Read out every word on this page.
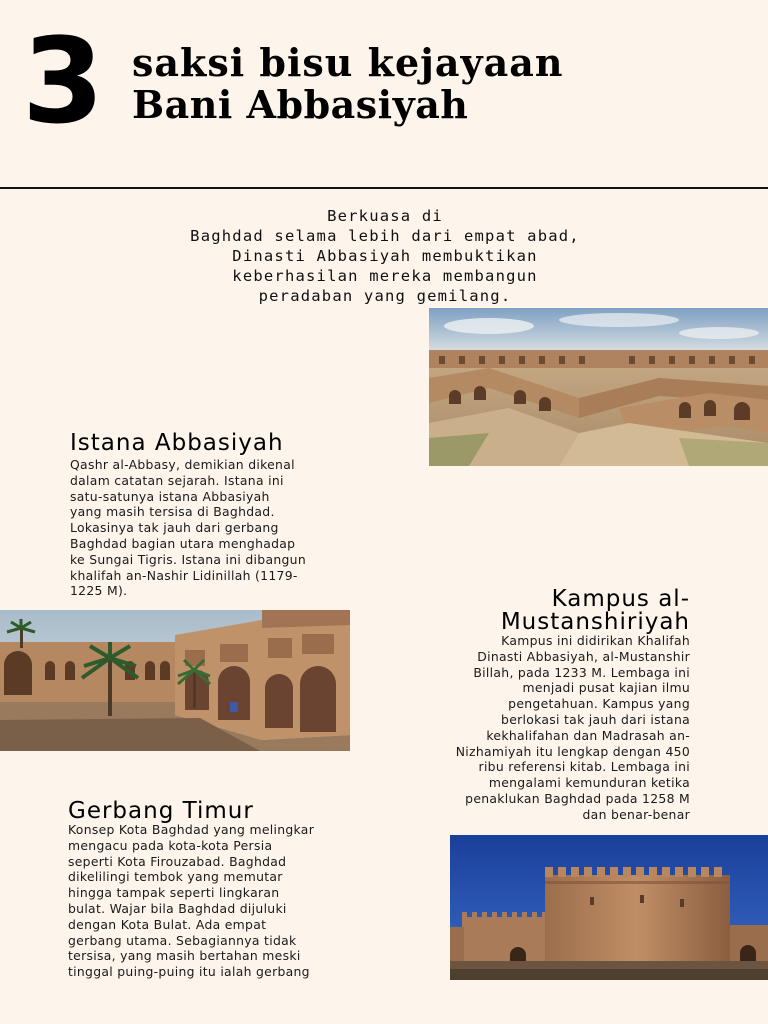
3 saksi bisu kejayaan
Bani Abbasiyah
Berkuasa di
Baghdad selama lebih dari empat abad,
Dinasti Abbasiyah membuktikan
keberhasilan mereka membangun
peradaban yang gemilang.
Istana Abbasiyah
Qashr al-Abbasy, demikian dikenal
dalam catatan sejarah. Istana ini
satu-satunya istana Abbasiyah
yang masih tersisa di Baghdad.
Lokasinya tak jauh dari gerbang
Baghdad bagian utara menghadap
ke Sungai Tigris. Istana ini dibangun
khalifah an-Nashir Lidinillah (1179-
1225 M).	Kampus al-
Mustanshiriyah
Kampus ini didirikan Khalifah
Dinasti Abbasiyah, al-Mustanshir
Billah, pada 1233 M. Lembaga ini
menjadi pusat kajian ilmu
pengetahuan. Kampus yang
berlokasi tak jauh dari istana
kekhalifahan dan Madrasah an-
Nizhamiyah itu lengkap dengan 450
ribu referensi kitab. Lembaga ini
mengalami kemunduran ketika
penaklukan Baghdad pada 1258 M
dan benar-benar
Gerbang Timur
Konsep Kota Baghdad yang melingkar
mengacu pada kota-kota Persia
seperti Kota Firouzabad. Baghdad
dikelilingi tembok yang memutar
hingga tampak seperti lingkaran
bulat. Wajar bila Baghdad dijuluki
dengan Kota Bulat. Ada empat
gerbang utama. Sebagiannya tidak
tersisa, yang masih bertahan meski
tinggal puing-puing itu ialah gerbang
